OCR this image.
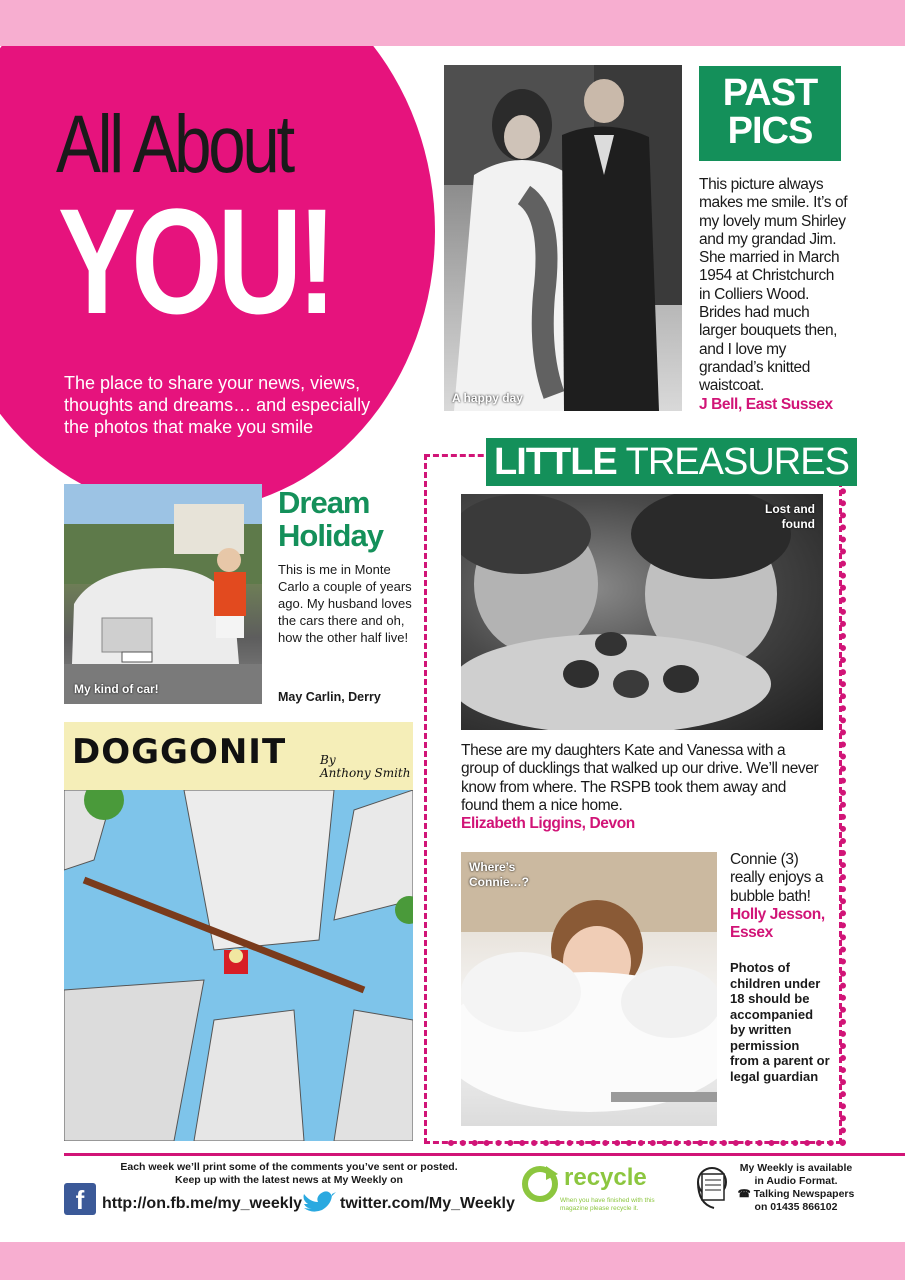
All About
YOU!
The place to share your news, views, thoughts and dreams… and especially the photos that make you smile
A happy day
PAST
PICS
This picture always makes me smile. It’s of my lovely mum Shirley and my grandad Jim. She married in March 1954 at Christchurch in Colliers Wood. Brides had much larger bouquets then, and I love my grandad’s knitted waistcoat.
J Bell, East Sussex
My kind of car!
Dream
Holiday
This is me in Monte Carlo a couple of years ago. My husband loves the cars there and oh, how the other half live!
May Carlin, Derry
DOGGONIT	By
Anthony Smith
LITTLE TREASURES
Lost and
found
These are my daughters Kate and Vanessa with a group of ducklings that walked up our drive. We’ll never know from where. The RSPB took them away and found them a nice home.
Elizabeth Liggins, Devon
Where’s
Connie…?
Connie (3) really enjoys a bubble bath!
Holly Jesson, Essex
Photos of children under 18 should be accompanied by written permission from a parent or legal guardian
Each week we’ll print some of the comments you’ve sent or posted.
Keep up with the latest news at My Weekly on
f	http://on.fb.me/my_weekly twitter.com/My_Weekly
recycle
When you have finished with this magazine please recycle it.
My Weekly is available
in Audio Format.
☎ Talking Newspapers
on 01435 866102
